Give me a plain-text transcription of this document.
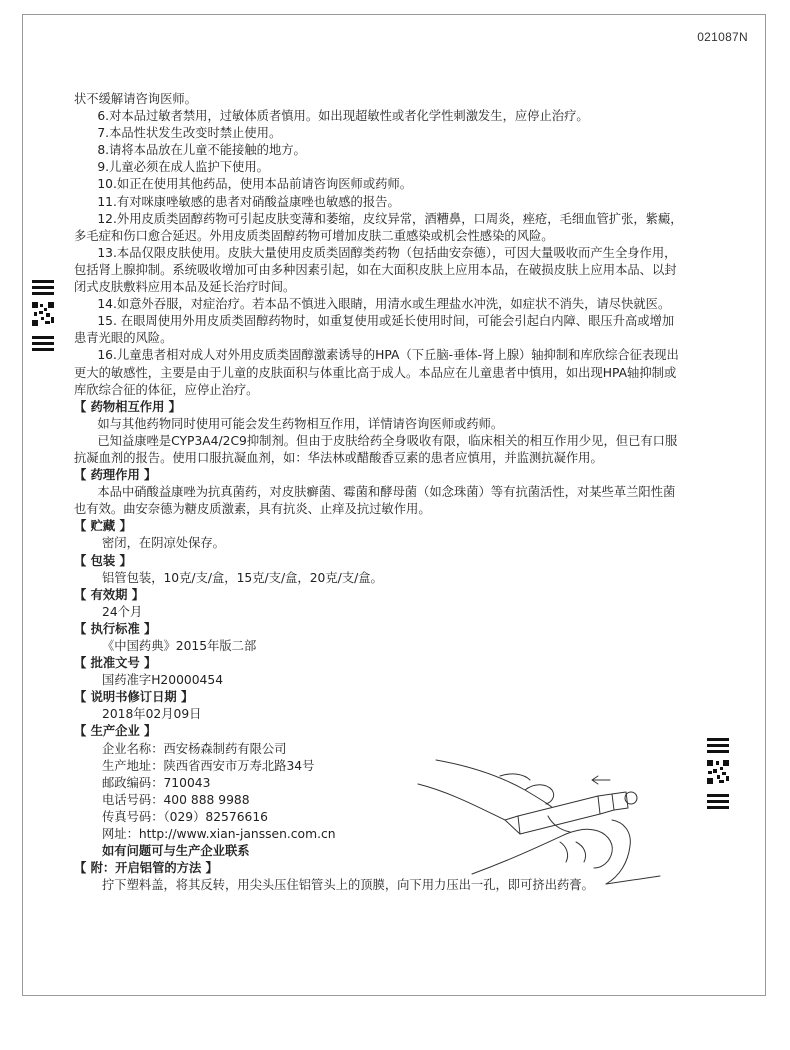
021087N

状不缓解请咨询医师。

6.对本品过敏者禁用，过敏体质者慎用。如出现超敏性或者化学性刺激发生，应停止治疗。

7.本品性状发生改变时禁止使用。

8.请将本品放在儿童不能接触的地方。

9.儿童必须在成人监护下使用。

10.如正在使用其他药品，使用本品前请咨询医师或药师。

11.有对咪康唑敏感的患者对硝酸益康唑也敏感的报告。

12.外用皮质类固醇药物可引起皮肤变薄和萎缩，皮纹异常，酒糟鼻，口周炎，痤疮，毛细血管扩张，紫癜，多毛症和伤口愈合延迟。外用皮质类固醇药物可增加皮肤二重感染或机会性感染的风险。

13.本品仅限皮肤使用。皮肤大量使用皮质类固醇类药物（包括曲安奈德），可因大量吸收而产生全身作用，包括肾上腺抑制。系统吸收增加可由多种因素引起，如在大面积皮肤上应用本品，在破损皮肤上应用本品、以封闭式皮肤敷料应用本品及延长治疗时间。

14.如意外吞服，对症治疗。若本品不慎进入眼睛，用清水或生理盐水冲洗，如症状不消失，请尽快就医。

15. 在眼周使用外用皮质类固醇药物时，如重复使用或延长使用时间，可能会引起白内障、眼压升高或增加患青光眼的风险。

16.儿童患者相对成人对外用皮质类固醇激素诱导的HPA（下丘脑-垂体-肾上腺）轴抑制和库欣综合征表现出更大的敏感性，主要是由于儿童的皮肤面积与体重比高于成人。本品应在儿童患者中慎用，如出现HPA轴抑制或库欣综合征的体征，应停止治疗。

【 药物相互作用 】

如与其他药物同时使用可能会发生药物相互作用，详情请咨询医师或药师。

已知益康唑是CYP3A4/2C9抑制剂。但由于皮肤给药全身吸收有限，临床相关的相互作用少见，但已有口服抗凝血剂的报告。使用口服抗凝血剂，如：华法林或醋酸香豆素的患者应慎用，并监测抗凝作用。

【 药理作用 】

本品中硝酸益康唑为抗真菌药，对皮肤癣菌、霉菌和酵母菌（如念珠菌）等有抗菌活性，对某些革兰阳性菌也有效。曲安奈德为糖皮质激素，具有抗炎、止痒及抗过敏作用。

【 贮藏 】

密闭，在阴凉处保存。

【 包装 】

铝管包装，10克/支/盒，15克/支/盒，20克/支/盒。

【 有效期 】

24个月

【 执行标准 】

《中国药典》2015年版二部

【 批准文号 】

国药准字H20000454

【 说明书修订日期 】

2018年02月09日

【 生产企业 】

企业名称：西安杨森制药有限公司

生产地址：陕西省西安市万寿北路34号

邮政编码：710043

电话号码：400 888 9988

传真号码：（029）82576616

网址：http://www.xian-janssen.com.cn

如有问题可与生产企业联系

【 附：开启铝管的方法 】

拧下塑料盖，将其反转，用尖头压住铝管头上的顶膜，向下用力压出一孔，即可挤出药膏。
